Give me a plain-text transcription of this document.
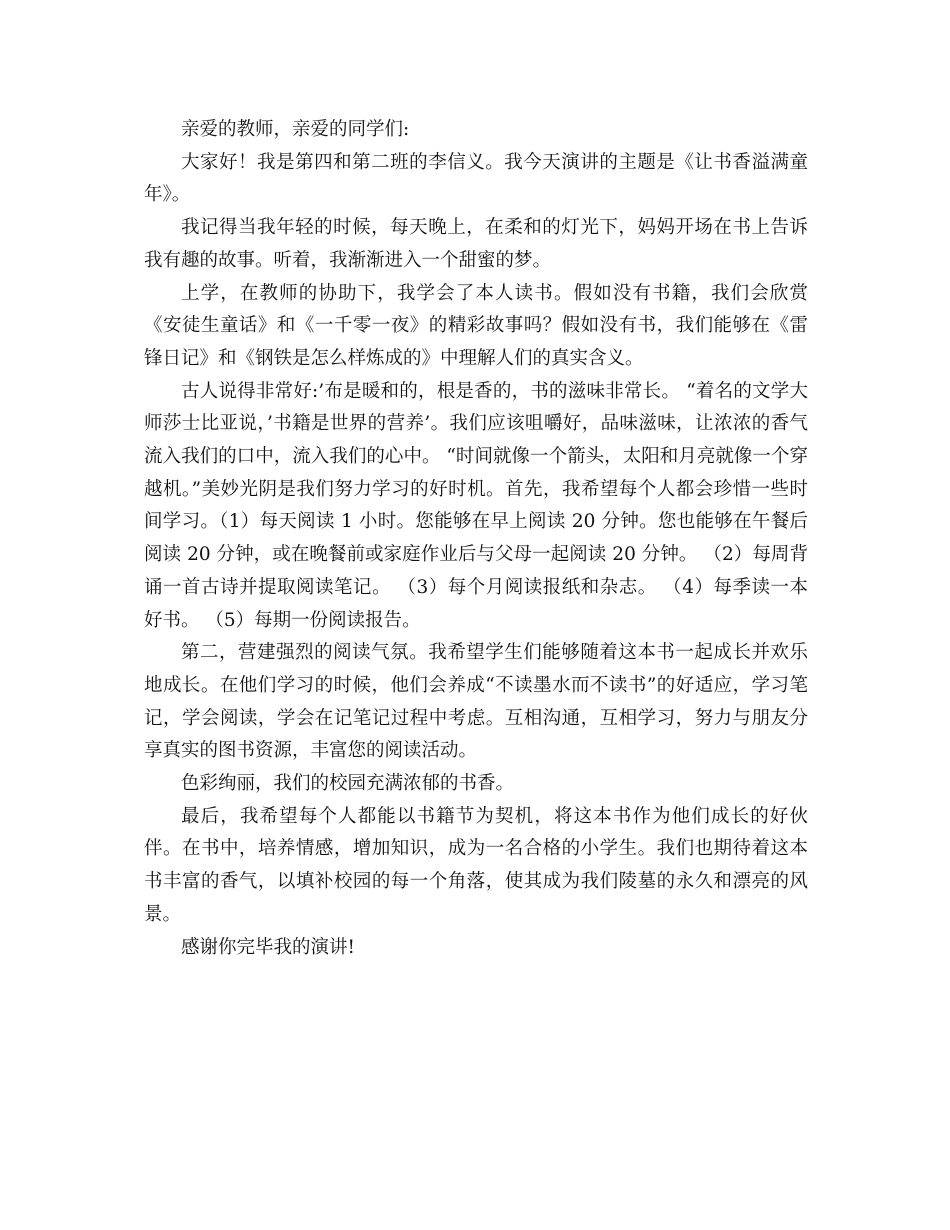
亲爱的教师，亲爱的同学们:

大家好！我是第四和第二班的李信义。我今天演讲的主题是《让书香溢满童年》。

我记得当我年轻的时候，每天晚上，在柔和的灯光下，妈妈开场在书上告诉我有趣的故事。听着，我渐渐进入一个甜蜜的梦。

上学，在教师的协助下，我学会了本人读书。假如没有书籍，我们会欣赏《安徒生童话》和《一千零一夜》的精彩故事吗？假如没有书，我们能够在《雷锋日记》和《钢铁是怎么样炼成的》中理解人们的真实含义。

古人说得非常好:’布是暖和的，根是香的，书的滋味非常长。 “着名的文学大师莎士比亚说，’书籍是世界的营养’。我们应该咀嚼好，品味滋味，让浓浓的香气流入我们的口中，流入我们的心中。 “时间就像一个箭头，太阳和月亮就像一个穿越机。”美妙光阴是我们努力学习的好时机。首先，我希望每个人都会珍惜一些时间学习。（1）每天阅读 1 小时。您能够在早上阅读 20 分钟。您也能够在午餐后阅读 20 分钟，或在晚餐前或家庭作业后与父母一起阅读 20 分钟。 （2）每周背诵一首古诗并提取阅读笔记。 （3）每个月阅读报纸和杂志。 （4）每季读一本好书。 （5）每期一份阅读报告。

第二，营建强烈的阅读气氛。我希望学生们能够随着这本书一起成长并欢乐地成长。在他们学习的时候，他们会养成“不读墨水而不读书”的好适应，学习笔记，学会阅读，学会在记笔记过程中考虑。互相沟通，互相学习，努力与朋友分享真实的图书资源，丰富您的阅读活动。

色彩绚丽，我们的校园充满浓郁的书香。

最后，我希望每个人都能以书籍节为契机，将这本书作为他们成长的好伙伴。在书中，培养情感，增加知识，成为一名合格的小学生。我们也期待着这本书丰富的香气，以填补校园的每一个角落，使其成为我们陵墓的永久和漂亮的风景。

感谢你完毕我的演讲!
